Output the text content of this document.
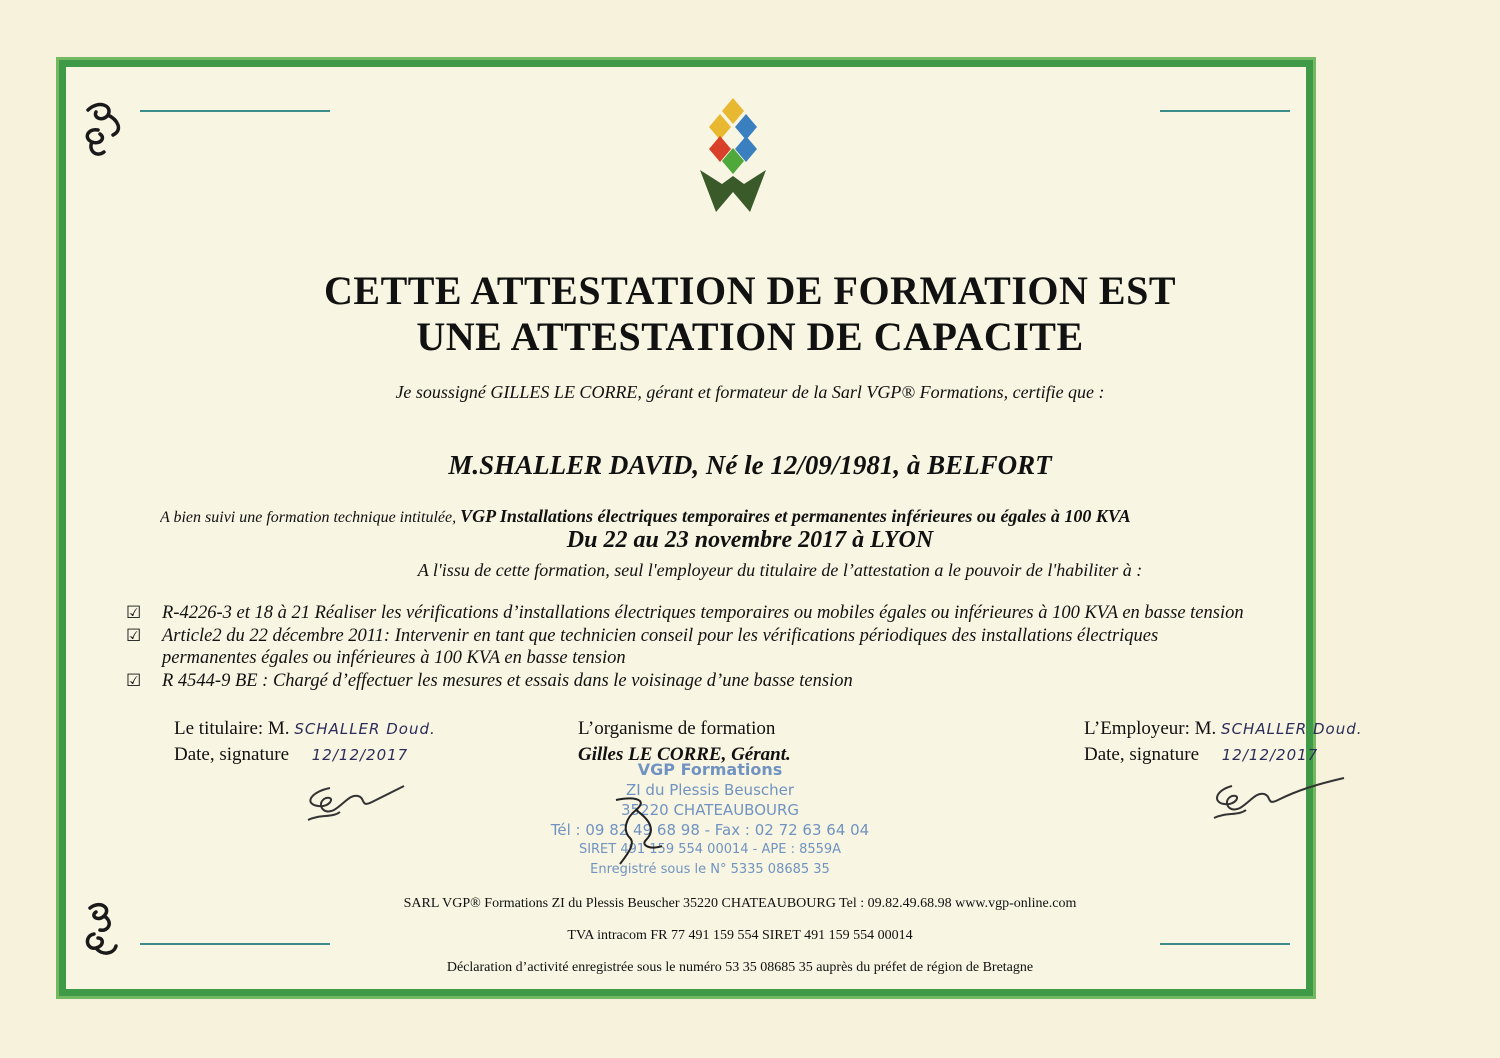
CETTE ATTESTATION DE FORMATION EST
UNE ATTESTATION DE CAPACITE
Je soussigné GILLES LE CORRE, gérant et formateur de la Sarl VGP® Formations, certifie que :
M.SHALLER DAVID, Né le 12/09/1981, à BELFORT
A bien suivi une formation technique intitulée, VGP Installations électriques temporaires et permanentes inférieures ou égales à 100 KVA
Du 22 au 23 novembre 2017 à LYON
A l'issu de cette formation, seul l'employeur du titulaire de l’attestation a le pouvoir de l'habiliter à :
☑	R-4226-3 et 18 à 21 Réaliser les vérifications d’installations électriques temporaires ou mobiles égales ou inférieures à 100 KVA en basse tension
☑	Article2 du 22 décembre 2011: Intervenir en tant que technicien conseil pour les vérifications périodiques des installations électriques
permanentes égales ou inférieures à 100 KVA en basse tension
☑	R 4544-9 BE : Chargé d’effectuer les mesures et essais dans le voisinage d’une basse tension
Le titulaire: M. SCHALLER Doud.
Date, signature 12/12/2017
L’organisme de formation
Gilles LE CORRE, Gérant.
VGP Formations
ZI du Plessis Beuscher
35220 CHATEAUBOURG
Tél : 09 82 49 68 98 - Fax : 02 72 63 64 04
SIRET 491 159 554 00014 - APE : 8559A
Enregistré sous le N° 5335 08685 35
L’Employeur: M. SCHALLER Doud.
Date, signature 12/12/2017
SARL VGP® Formations ZI du Plessis Beuscher 35220 CHATEAUBOURG Tel : 09.82.49.68.98 www.vgp-online.com
TVA intracom FR 77 491 159 554 SIRET 491 159 554 00014
Déclaration d’activité enregistrée sous le numéro 53 35 08685 35 auprès du préfet de région de Bretagne
